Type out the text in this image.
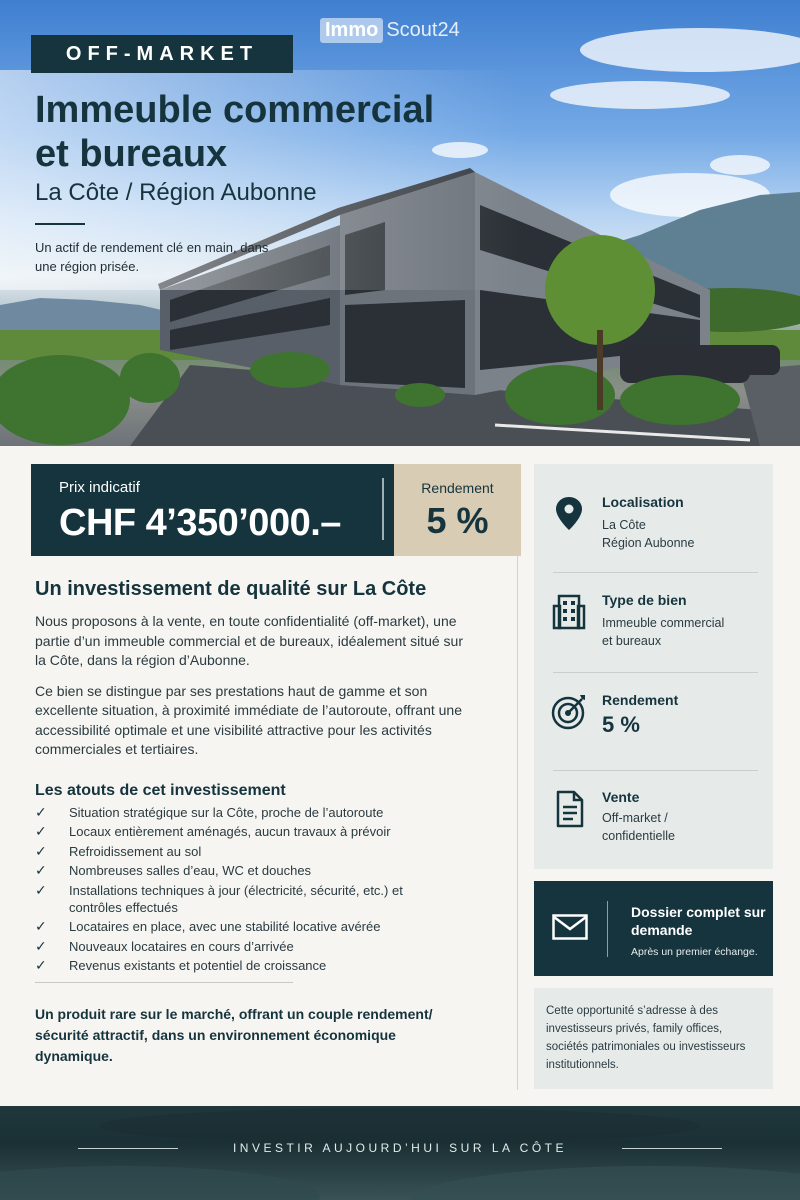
OFF-MARKET
Immo Scout24
Immeuble commercial et bureaux
La Côte / Région Aubonne
Un actif de rendement clé en main, dans une région prisée.
Prix indicatif
CHF 4’350’000.–
Rendement
5 %
Un investissement de qualité sur La Côte

Nous proposons à la vente, en toute confidentialité (off-market), une partie d’un immeuble commercial et de bureaux, idéalement situé sur la Côte, dans la région d’Aubonne.

Ce bien se distingue par ses prestations haut de gamme et son excellente situation, à proximité immédiate de l’autoroute, offrant une accessibilité optimale et une visibilité attractive pour les activités commerciales et tertiaires.

Les atouts de cet investissement
✓	Situation stratégique sur la Côte, proche de l’autoroute
✓	Locaux entièrement aménagés, aucun travaux à prévoir
✓	Refroidissement au sol
✓	Nombreuses salles d’eau, WC et douches
✓	Installations techniques à jour (électricité, sécurité, etc.) et contrôles effectués
✓	Locataires en place, avec une stabilité locative avérée
✓	Nouveaux locataires en cours d’arrivée
✓	Revenus existants et potentiel de croissance
Un produit rare sur le marché, offrant un couple rendement/ sécurité attractif, dans un environnement économique dynamique.
Localisation
La Côte
Région Aubonne
Type de bien
Immeuble commercial
et bureaux
Rendement
5 %
Vente
Off-market /
confidentielle
Dossier complet sur demande
Après un premier échange.
Cette opportunité s’adresse à des investisseurs privés, family offices, sociétés patrimoniales ou investisseurs institutionnels.
INVESTIR AUJOURD’HUI SUR LA CÔTE
